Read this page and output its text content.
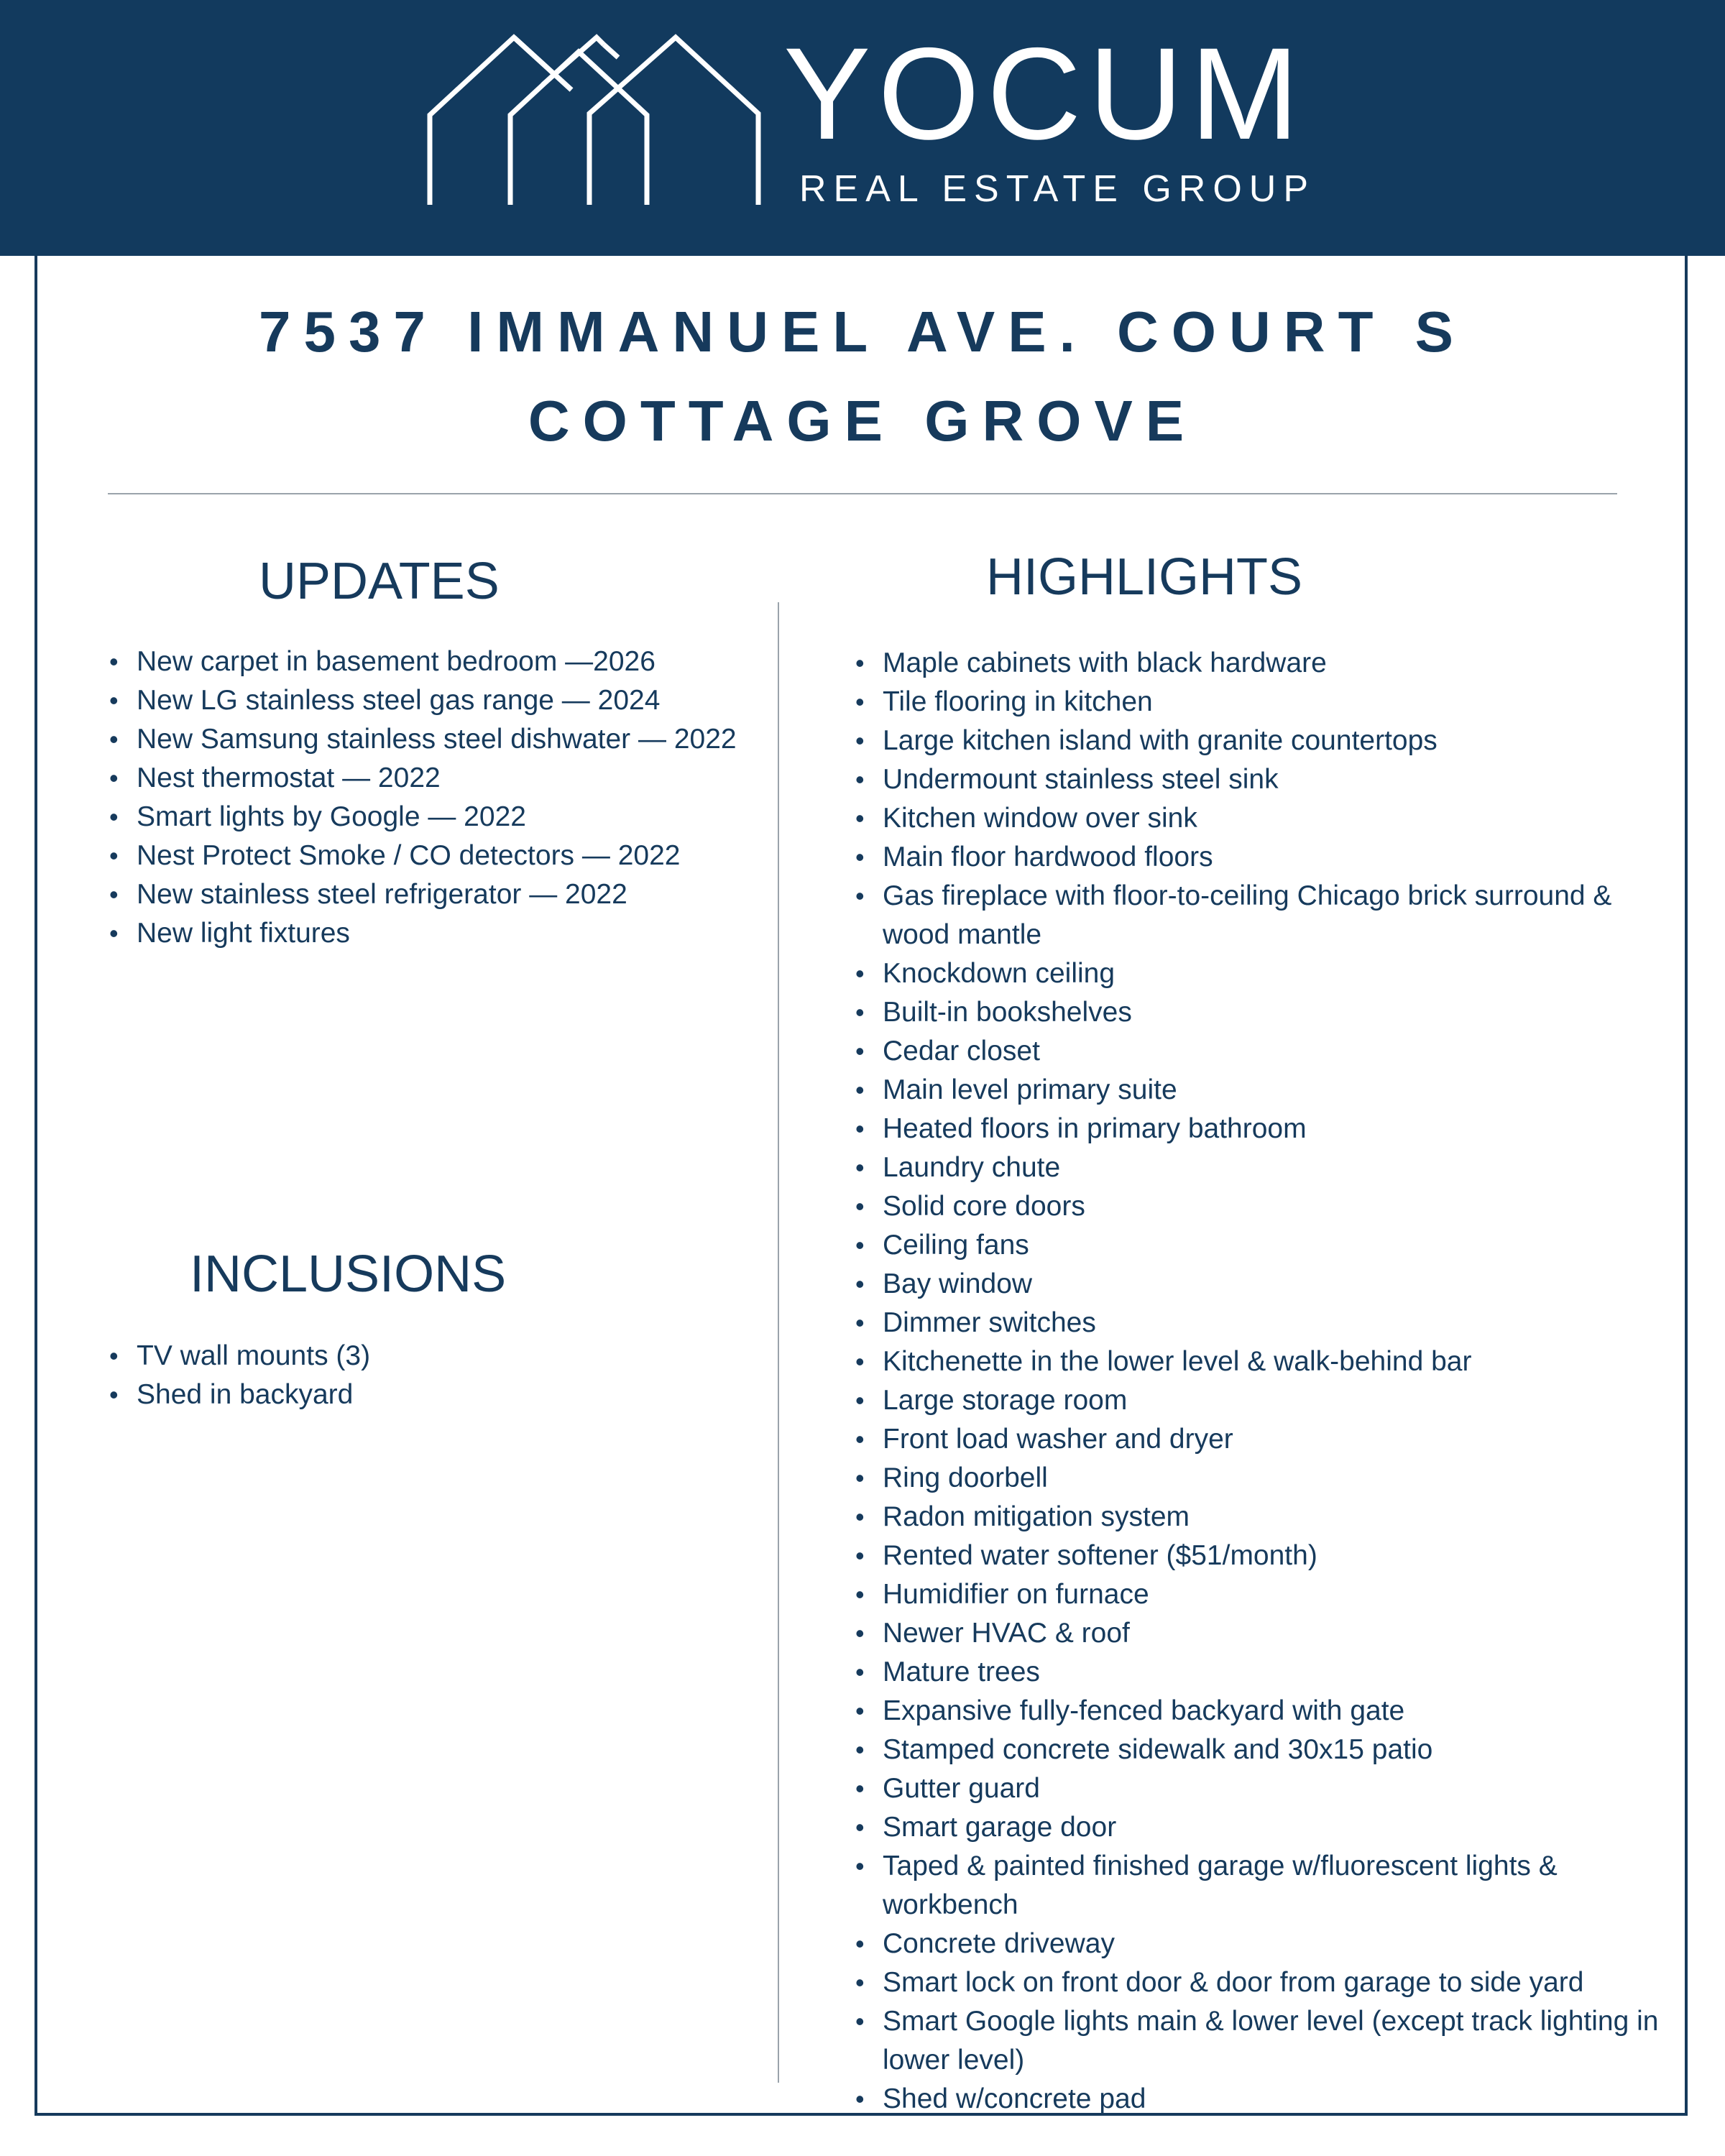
YOCUM
REAL ESTATE GROUP
7537 IMMANUEL AVE. COURT S
COTTAGE GROVE
UPDATES
• New carpet in basement bedroom —2026
• New LG stainless steel gas range — 2024
• New Samsung stainless steel dishwater — 2022
• Nest thermostat — 2022
• Smart lights by Google — 2022
• Nest Protect Smoke / CO detectors — 2022
• New stainless steel refrigerator — 2022
• New light fixtures
INCLUSIONS
• TV wall mounts (3)
• Shed in backyard
HIGHLIGHTS
• Maple cabinets with black hardware
• Tile flooring in kitchen
• Large kitchen island with granite countertops
• Undermount stainless steel sink
• Kitchen window over sink
• Main floor hardwood floors
• Gas fireplace with floor-to-ceiling Chicago brick surround & wood mantle
• Knockdown ceiling
• Built-in bookshelves
• Cedar closet
• Main level primary suite
• Heated floors in primary bathroom
• Laundry chute
• Solid core doors
• Ceiling fans
• Bay window
• Dimmer switches
• Kitchenette in the lower level & walk-behind bar
• Large storage room
• Front load washer and dryer
• Ring doorbell
• Radon mitigation system
• Rented water softener ($51/month)
• Humidifier on furnace
• Newer HVAC & roof
• Mature trees
• Expansive fully-fenced backyard with gate
• Stamped concrete sidewalk and 30x15 patio
• Gutter guard
• Smart garage door
• Taped & painted finished garage w/fluorescent lights & workbench
• Concrete driveway
• Smart lock on front door & door from garage to side yard
• Smart Google lights main & lower level (except track lighting in lower level)
• Shed w/concrete pad
